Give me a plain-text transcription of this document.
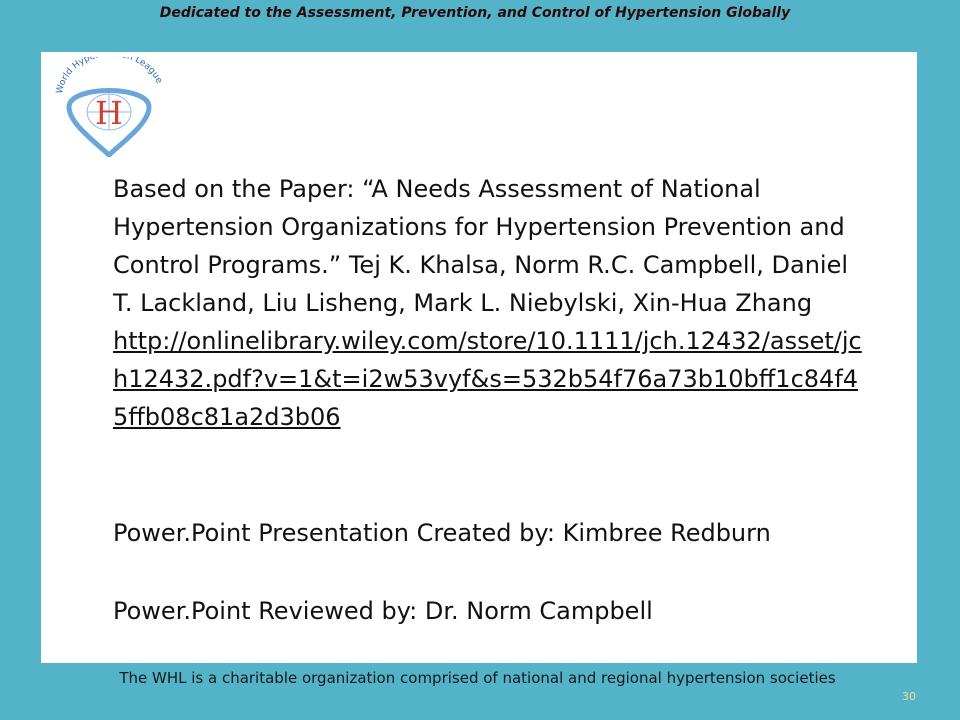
Dedicated to the Assessment, Prevention, and Control of Hypertension Globally
World Hype n League
H
Based on the Paper: “A Needs Assessment of National Hypertension Organizations for Hypertension Prevention and Control Programs.” Tej K. Khalsa, Norm R.C. Campbell, Daniel T. Lackland, Liu Lisheng, Mark L. Niebylski, Xin-Hua Zhang
http://onlinelibrary.wiley.com/store/10.1111/jch.12432/asset/jch12432.pdf?v=1&t=i2w53vyf&s=532b54f76a73b10bff1c84f45ffb08c81a2d3b06
Power.Point Presentation Created by: Kimbree Redburn
Power.Point Reviewed by: Dr. Norm Campbell
The WHL is a charitable organization comprised of national and regional hypertension societies
30
